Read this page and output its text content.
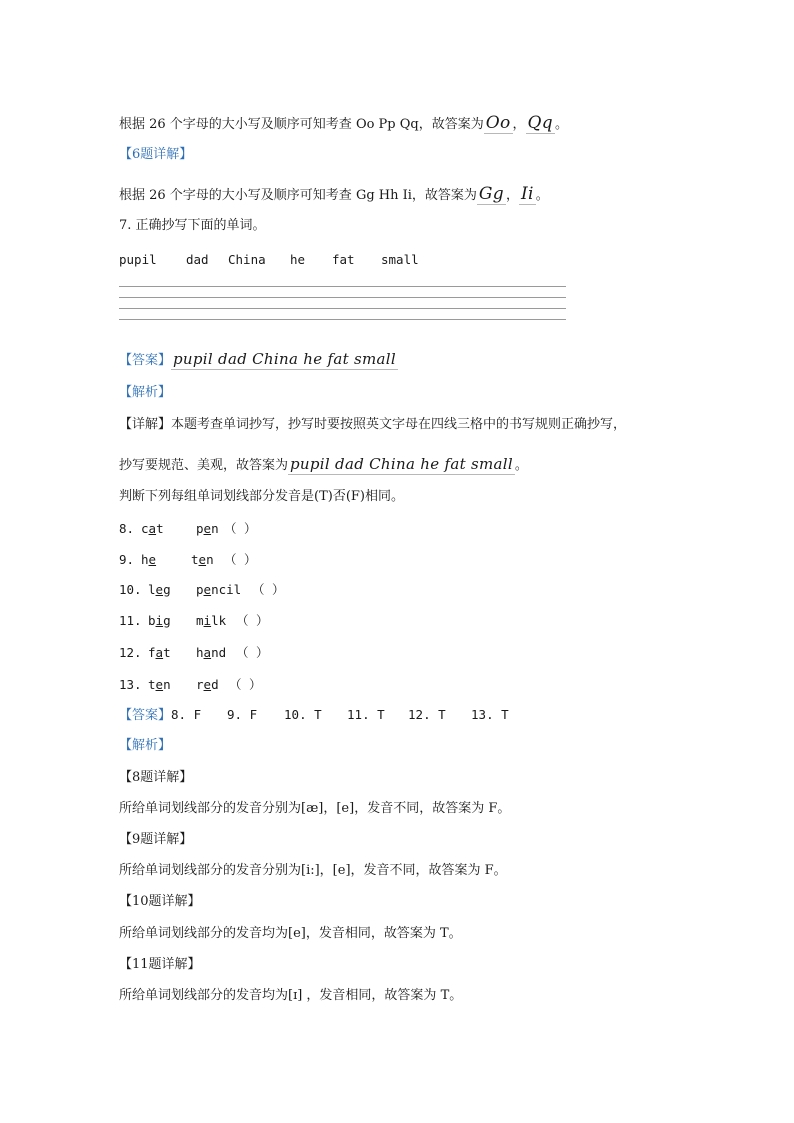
根据 26 个字母的大小写及顺序可知考查 Oo Pp Qq，故答案为 Oo ， Qq 。
【6题详解】
根据 26 个字母的大小写及顺序可知考查 Gg Hh Ii，故答案为 Gg ， Ii 。
7. 正确抄写下面的单词。
pupil dad China he fat small
【答案】 pupil dad China he fat small
【解析】
【详解】本题考查单词抄写，抄写时要按照英文字母在四线三格中的书写规则正确抄写，
抄写要规范、美观，故答案为 pupil dad China he fat small 。
判断下列每组单词划线部分发音是(T)否(F)相同。
8. cat	pen （ ）
9. he	ten （ ）
10. leg pencil （ ）
11. big milk （ ）
12. fat hand （ ）
13. ten red （ ）
【答案】8. F 9. F 10. T 11. T 12. T 13. T
【解析】
【8题详解】
所给单词划线部分的发音分别为[æ]，[e]，发音不同，故答案为 F。
【9题详解】
所给单词划线部分的发音分别为[i:]，[e]，发音不同，故答案为 F。
【10题详解】
所给单词划线部分的发音均为[e]，发音相同，故答案为 T。
【11题详解】
所给单词划线部分的发音均为[ɪ] ，发音相同，故答案为 T。
